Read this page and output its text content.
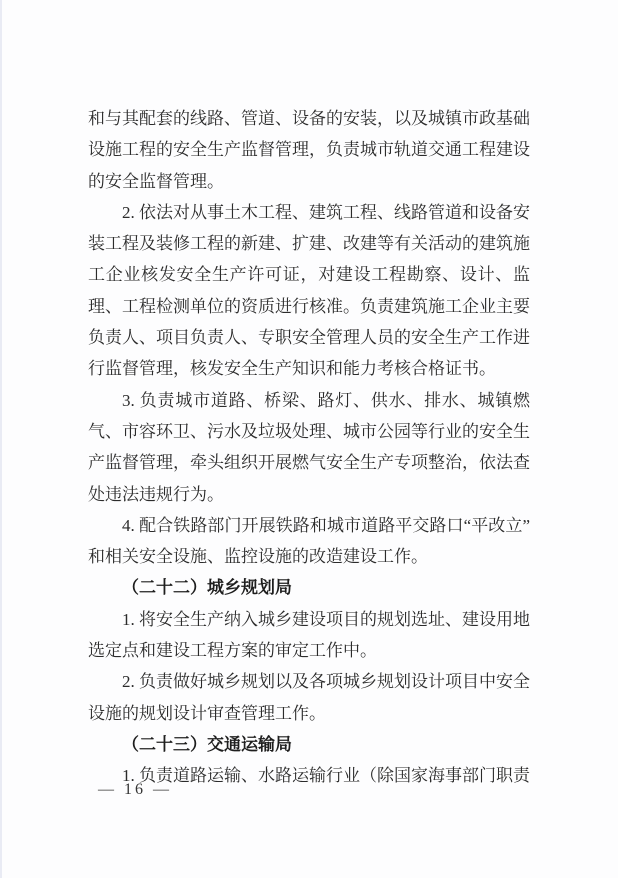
和与其配套的线路、管道、设备的安装，以及城镇市政基础设施工程的安全生产监督管理，负责城市轨道交通工程建设的安全监督管理。

2. 依法对从事土木工程、建筑工程、线路管道和设备安装工程及装修工程的新建、扩建、改建等有关活动的建筑施工企业核发安全生产许可证，对建设工程勘察、设计、监理、工程检测单位的资质进行核准。负责建筑施工企业主要负责人、项目负责人、专职安全管理人员的安全生产工作进行监督管理，核发安全生产知识和能力考核合格证书。

3. 负责城市道路、桥梁、路灯、供水、排水、城镇燃气、市容环卫、污水及垃圾处理、城市公园等行业的安全生产监督管理，牵头组织开展燃气安全生产专项整治，依法查处违法违规行为。

4. 配合铁路部门开展铁路和城市道路平交路口“平改立”和相关安全设施、监控设施的改造建设工作。

（二十二）城乡规划局

1. 将安全生产纳入城乡建设项目的规划选址、建设用地选定点和建设工程方案的审定工作中。

2. 负责做好城乡规划以及各项城乡规划设计项目中安全设施的规划设计审查管理工作。

（二十三）交通运输局

1. 负责道路运输、水路运输行业（除国家海事部门职责

— 16 —
